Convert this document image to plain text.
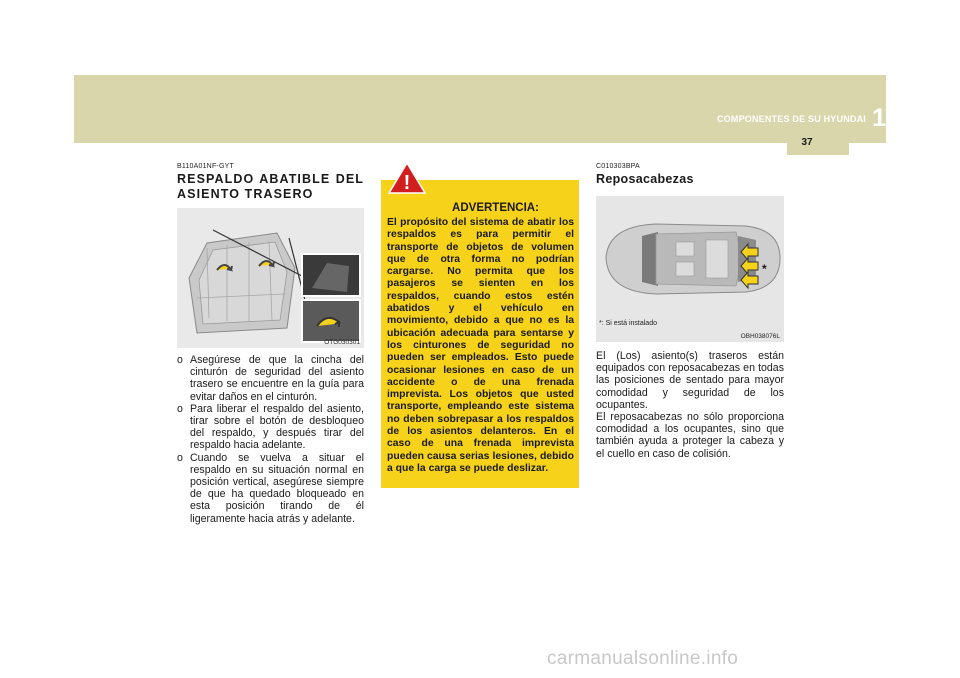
COMPONENTES DE SU HYUNDAI 1
37
B110A01NF-GYT
RESPALDO ABATIBLE DEL ASIENTO TRASERO
OTG030301
o Asegúrese de que la cincha del cinturón de seguridad del asiento trasero se encuentre en la guía para evitar daños en el cinturón.
o Para liberar el respaldo del asiento, tirar sobre el botón de desbloqueo del respaldo, y después tirar del respaldo hacia adelante.
o Cuando se vuelva a situar el respaldo en su situación normal en posición vertical, asegúrese siempre de que ha quedado bloqueado en esta posición tirando de él ligeramente hacia atrás y adelante.
ADVERTENCIA:
El propósito del sistema de abatir los respaldos es para permitir el transporte de objetos de volumen que de otra forma no podrían cargarse. No permita que los pasajeros se sienten en los respaldos, cuando estos estén abatidos y el vehículo en movimiento, debido a que no es la ubicación adecuada para sentarse y los cinturones de seguridad no pueden ser empleados. Esto puede ocasionar lesiones en caso de un accidente o de una frenada imprevista. Los objetos que usted transporte, empleando este sistema no deben sobrepasar a los respaldos de los asientos delanteros. En el caso de una frenada imprevista pueden causa serias lesiones, debido a que la carga se puede deslizar.
!
C010303BPA
Reposacabezas
*
*: Si está instalado
OBH038076L

El (Los) asiento(s) traseros están equipados con reposacabezas en todas las posiciones de sentado para mayor comodidad y seguridad de los ocupantes.

El reposacabezas no sólo proporciona comodidad a los ocupantes, sino que también ayuda a proteger la cabeza y el cuello en caso de colisión.

carmanualsonline.info
